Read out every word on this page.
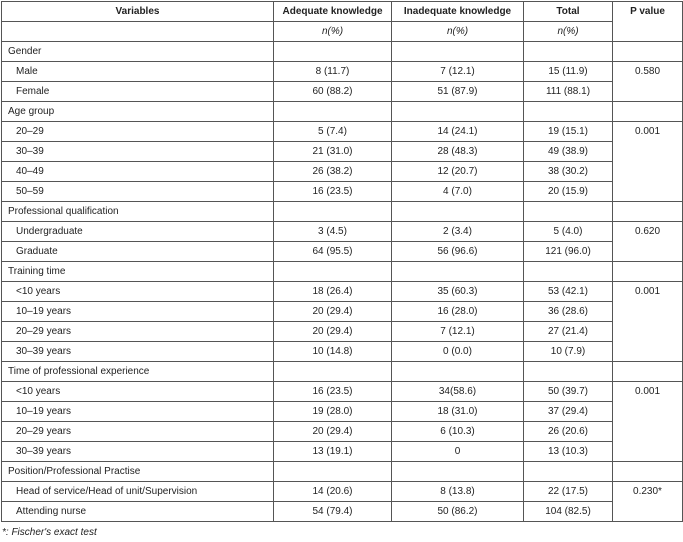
Variables	Adequate knowledge	Inadequate knowledge	Total	P value
	n(%)	n(%)	n(%)	
Gender				
Male	8 (11.7)	7 (12.1)	15 (11.9)	0.580
Female	60 (88.2)	51 (87.9)	111 (88.1)	
Age group				
20–29	5 (7.4)	14 (24.1)	19 (15.1)	0.001
30–39	21 (31.0)	28 (48.3)	49 (38.9)	
40–49	26 (38.2)	12 (20.7)	38 (30.2)	
50–59	16 (23.5)	4 (7.0)	20 (15.9)	
Professional qualification				
Undergraduate	3 (4.5)	2 (3.4)	5 (4.0)	0.620
Graduate	64 (95.5)	56 (96.6)	121 (96.0)	
Training time				
<10 years	18 (26.4)	35 (60.3)	53 (42.1)	0.001
10–19 years	20 (29.4)	16 (28.0)	36 (28.6)	
20–29 years	20 (29.4)	7 (12.1)	27 (21.4)	
30–39 years	10 (14.8)	0 (0.0)	10 (7.9)	
Time of professional experience				
<10 years	16 (23.5)	34(58.6)	50 (39.7)	0.001
10–19 years	19 (28.0)	18 (31.0)	37 (29.4)	
20–29 years	20 (29.4)	6 (10.3)	26 (20.6)	
30–39 years	13 (19.1)	0	13 (10.3)	
Position/Professional Practise				
Head of service/Head of unit/Supervision	14 (20.6)	8 (13.8)	22 (17.5)	0.230*
Attending nurse	54 (79.4)	50 (86.2)	104 (82.5)	
*: Fischer's exact test
